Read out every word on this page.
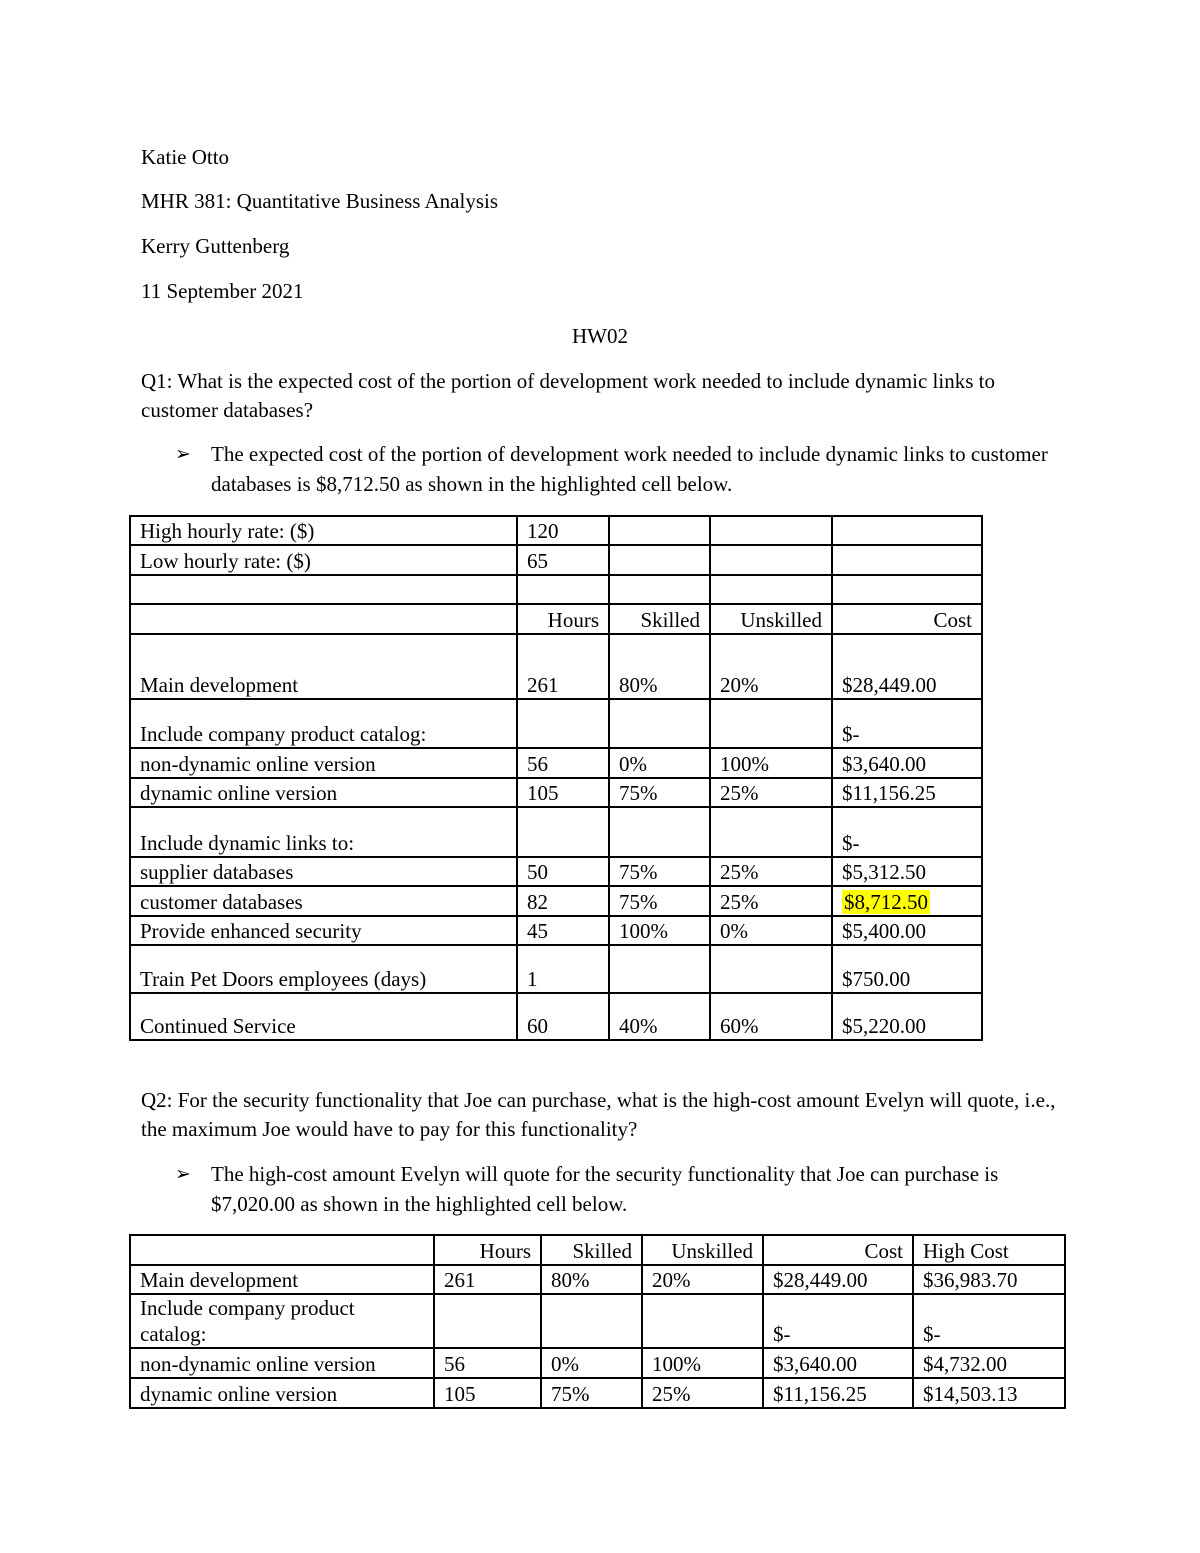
Katie Otto

MHR 381: Quantitative Business Analysis

Kerry Guttenberg

11 September 2021

HW02

Q1: What is the expected cost of the portion of development work needed to include dynamic links to customer databases?

➢ The expected cost of the portion of development work needed to include dynamic links to customer databases is $8,712.50 as shown in the highlighted cell below.
High hourly rate: ($)	120			
Low hourly rate: ($)	65			

	Hours	Skilled	Unskilled	Cost
Main development	261	80%	20%	$28,449.00
Include company product catalog:				$-
non-dynamic online version	56	0%	100%	$3,640.00
dynamic online version	105	75%	25%	$11,156.25
Include dynamic links to:				$-
supplier databases	50	75%	25%	$5,312.50
customer databases	82	75%	25%	$8,712.50
Provide enhanced security	45	100%	0%	$5,400.00
Train Pet Doors employees (days)	1			$750.00
Continued Service	60	40%	60%	$5,220.00

Q2: For the security functionality that Joe can purchase, what is the high-cost amount Evelyn will quote, i.e., the maximum Joe would have to pay for this functionality?

➢ The high-cost amount Evelyn will quote for the security functionality that Joe can purchase is $7,020.00 as shown in the highlighted cell below.
	Hours	Skilled	Unskilled	Cost	High Cost
Main development	261	80%	20%	$28,449.00	$36,983.70
Include company product catalog:				$-	$-
non-dynamic online version	56	0%	100%	$3,640.00	$4,732.00
dynamic online version	105	75%	25%	$11,156.25	$14,503.13
